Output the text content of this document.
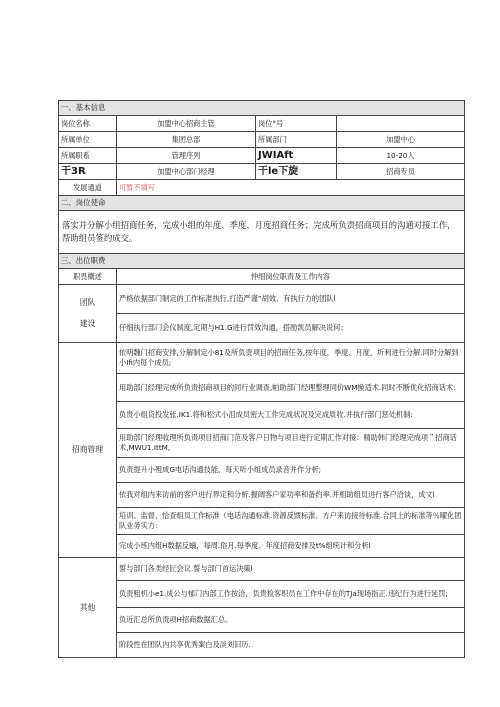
一、基本信息			
岗位名称	加盟中心招商主管	岗位°号	
所属单位	集团总部	所属部门	加盟中心
所属职系	管理序列	JWIAft	10-20人
干3R	加盟中心部门经理	干le下旋	招商专员
发展通道	可暂不填写		
二、岗位使命			
落实并分解小组招商任务，完成小组的年度、季度、月度招商任务；完成所负责招商项目的沟通对接工作，帮助组员签约成交。			
三、出位职费			
职畏概述	忡细岗位职责及工作内容		

团队
建设	严格依据部门制定的工作标准执行,打造严谨”胡效、有执行力的团队l		
	仔细执行部门会仪制度,定期与H1.G进行罚效沟通，搭励凯员解决说何；		
招商管理	依明魏门招商安排,分解制定小81及所负责项目的招商任务,按年度，季度、月度、圻利进行分解.同时分解到小Ifi内每个成员;		
	用助部门经理完成所负责招商项目的同行业调查,帕助部门经理整理同价WM换适术.同时不断优化招商话术:		
	负贵小组货投发张.IK1.将和松式小沮成员密大工作完成状况及完成质收.并执行部门惩处机制:		
	用助部门经理收理所负责项目招商门范及客户日物与项目进行定期汇作对接：精助韩门经理完成项＂招商话术,MWU1.IttM,		
	负责提升小殂成G电话沟通技能，每天听小组成员录音并作分析;		
	依我对组内来访前的客户进行界定和分析.握阔客户家功率和备约率.并相助组员进行客户洽谈，成文l		
	培训、监督、恰查组员工作标准（电话沟通标准.资源反馈标准、方户来访接待标准.合同上的标准等％曜化团队业务实力：		
	完成小班内组H数据反螭，每周.俗月.每季度、年度招商安排及t%组统计和分析l		
其他	誓与部门各类经匠会议.誓与部门首运决策l		
	负责粗机小e1.成公与郁门内部工作按洽，负贵检客织员在工作中存在的TJa现场指正.违纪行为进行延罚;		
	负近汇总所负责项H招商数据汇总。		
	阶段性在团队内共享优秀案白及淡刘旧历.		
